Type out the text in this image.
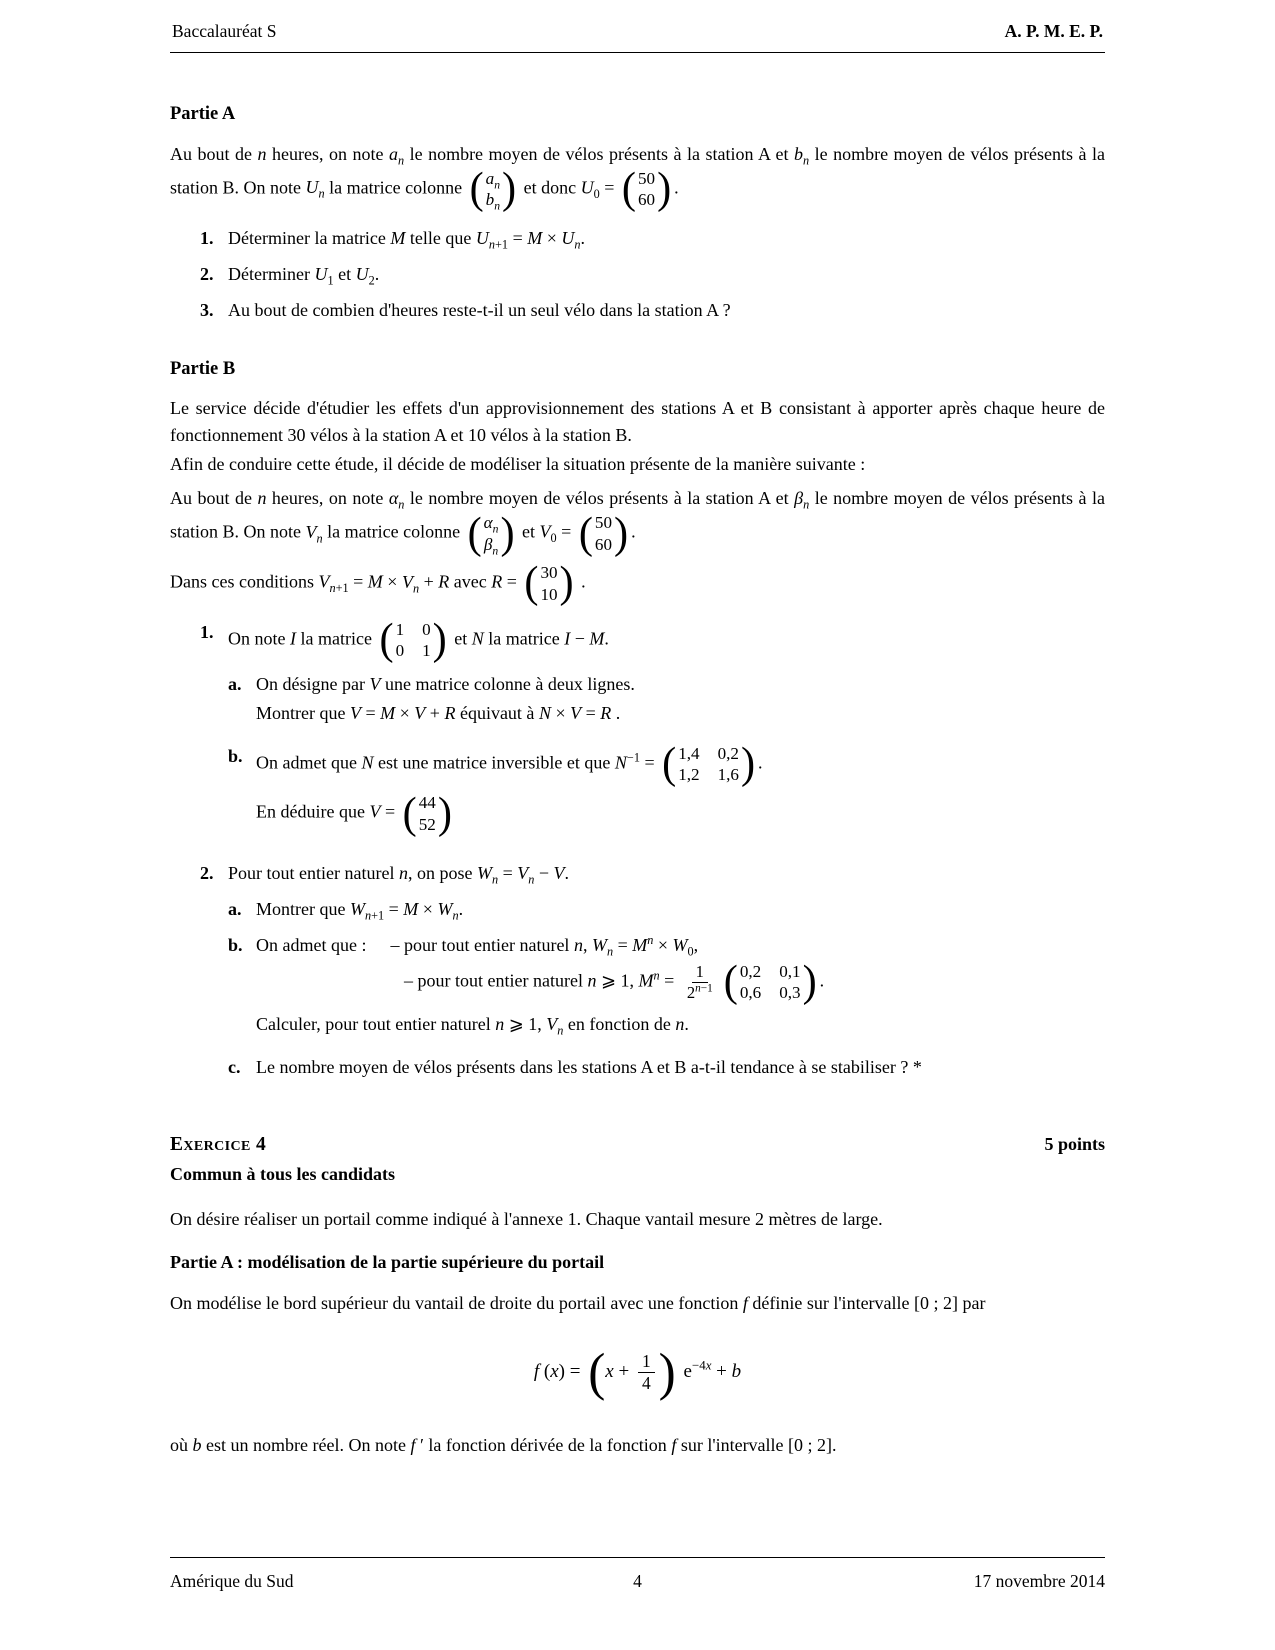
Baccalauréat S	A. P. M. E. P.
Partie A

Au bout de n heures, on note $a_n$ le nombre moyen de vélos présents à la station A et $b_n$ le nombre moyen de vélos présents à la station B. On note $U_n$ la matrice colonne ( $a_n$
$b_n$ ) et donc $U_0$ = ( 50
60 ) .

1. Déterminer la matrice M telle que $U_{n+1} = M \times U_n$.
2. Déterminer $U_1$ et $U_2$.
3. Au bout de combien d'heures reste-t-il un seul vélo dans la station A ?
Partie B

Le service décide d'étudier les effets d'un approvisionnement des stations A et B consistant à apporter après chaque heure de fonctionnement 30 vélos à la station A et 10 vélos à la station B.

Afin de conduire cette étude, il décide de modéliser la situation présente de la manière suivante :

Au bout de n heures, on note $\alpha_n$ le nombre moyen de vélos présents à la station A et $\beta_n$ le nombre moyen de vélos présents à la station B. On note $V_n$ la matrice colonne ( $\alpha_n$
$\beta_n$ ) et $V_0$ = ( 50
60 ) .

Dans ces conditions $V_{n+1} = M \times V_n + R$ avec R = ( 30
10 ) .

1. On note I la matrice ( 1 0
0 1 ) et N la matrice I − M.

a. On désigne par V une matrice colonne à deux lignes.

Montrer que V = M × V + R équivaut à N × V = R .

b. On admet que N est une matrice inversible et que $N^{-1}$ = ( 1,4 0,2
1,2 1,6 ) .

En déduire que V = ( 44
52 )

2. Pour tout entier naturel n, on pose $W_n = V_n - V$.

a. Montrer que $W_{n+1} = M \times W_n$.
b. On admet que : – pour tout entier naturel n, $W_n = M^n \times W_0$,

– pour tout entier naturel n ⩾ 1, $M^n = \frac{1}{2^{n-1}}$ ( 0,2 0,1
0,6 0,3 ) .

Calculer, pour tout entier naturel n ⩾ 1, $V_n$ en fonction de n.

c. Le nombre moyen de vélos présents dans les stations A et B a-t-il tendance à se stabiliser ? *
Exercice 4	5 points
Commun à tous les candidats

On désire réaliser un portail comme indiqué à l'annexe 1. Chaque vantail mesure 2 mètres de large.

Partie A : modélisation de la partie supérieure du portail

On modélise le bord supérieur du vantail de droite du portail avec une fonction f définie sur l'intervalle [0 ; 2] par

f (x) = ( $x + \frac{1}{4}$ ) $e^{-4x} + b$

où b est un nombre réel. On note f ′ la fonction dérivée de la fonction f sur l'intervalle [0 ; 2].

Amérique du Sud	4	17 novembre 2014
